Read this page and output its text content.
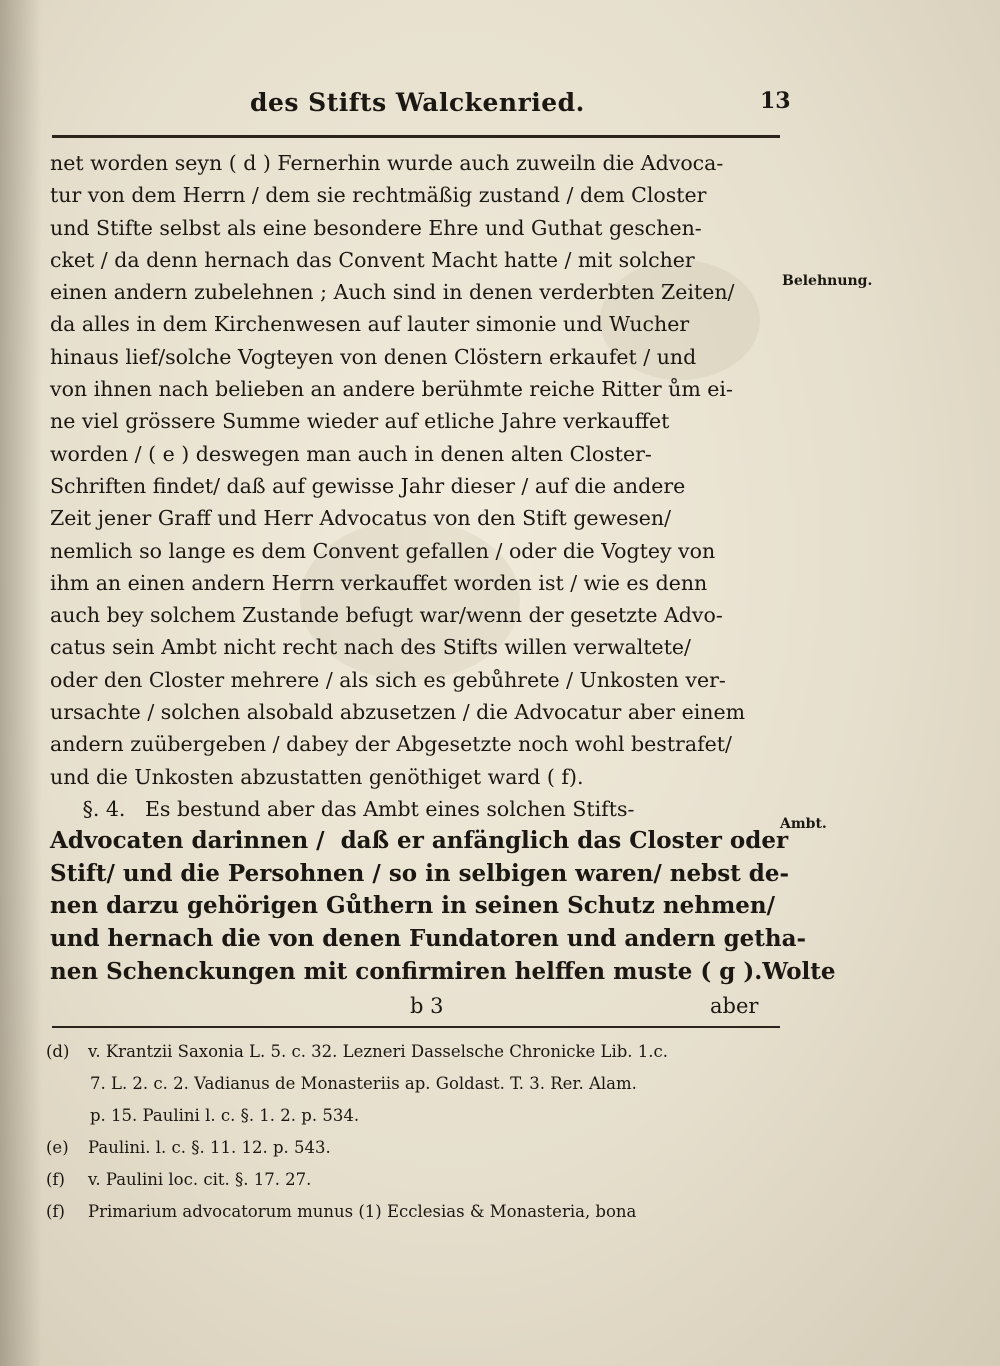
des Stifts Walckenried.	13
net worden seyn ( d ) Fernerhin wurde auch zuweiln die Advoca-
tur von dem Herrn / dem sie rechtmäßig zustand / dem Closter
und Stifte selbst als eine besondere Ehre und Guthat geschen-
cket / da denn hernach das Convent Macht hatte / mit solcher
einen andern zubelehnen ; Auch sind in denen verderbten Zeiten/
da alles in dem Kirchenwesen auf lauter simonie und Wucher
hinaus lief/solche Vogteyen von denen Clöstern erkaufet / und
von ihnen nach belieben an andere berühmte reiche Ritter ům ei-
ne viel grössere Summe wieder auf etliche Jahre verkauffet
worden / ( e ) deswegen man auch in denen alten Closter-
Schriften findet/ daß auf gewisse Jahr dieser / auf die andere
Zeit jener Graff und Herr Advocatus von den Stift gewesen/
nemlich so lange es dem Convent gefallen / oder die Vogtey von
ihm an einen andern Herrn verkauffet worden ist / wie es denn
auch bey solchem Zustande befugt war/wenn der gesetzte Advo-
catus sein Ambt nicht recht nach des Stifts willen verwaltete/
oder den Closter mehrere / als sich es gebůhrete / Unkosten ver-
ursachte / solchen alsobald abzusetzen / die Advocatur aber einem
andern zuübergeben / dabey der Abgesetzte noch wohl bestrafet/
und die Unkosten abzustatten genöthiget ward ( f).
§. 4.   Es bestund aber das Ambt eines solchen Stifts-
Advocaten darinnen /  daß er anfänglich das Closter oder
Stift/ und die Persohnen / so in selbigen waren/ nebst de-
nen darzu gehörigen Gůthern in seinen Schutz nehmen/
und hernach die von denen Fundatoren und andern getha-
nen Schenckungen mit confirmiren helffen muste ( g ).Wolte
Belehnung.
Ambt.
b 3	aber
(d) v. Krantzii Saxonia L. 5. c. 32. Lezneri Dasselsche Chronicke Lib. 1.c.
7. L. 2. c. 2. Vadianus de Monasteriis ap. Goldast. T. 3. Rer. Alam.
p. 15. Paulini l. c. §. 1. 2. p. 534.
(e) Paulini. l. c. §. 11. 12. p. 543.
(f) v. Paulini loc. cit. §. 17. 27.
(f) Primarium advocatorum munus (1) Ecclesias & Monasteria, bona
